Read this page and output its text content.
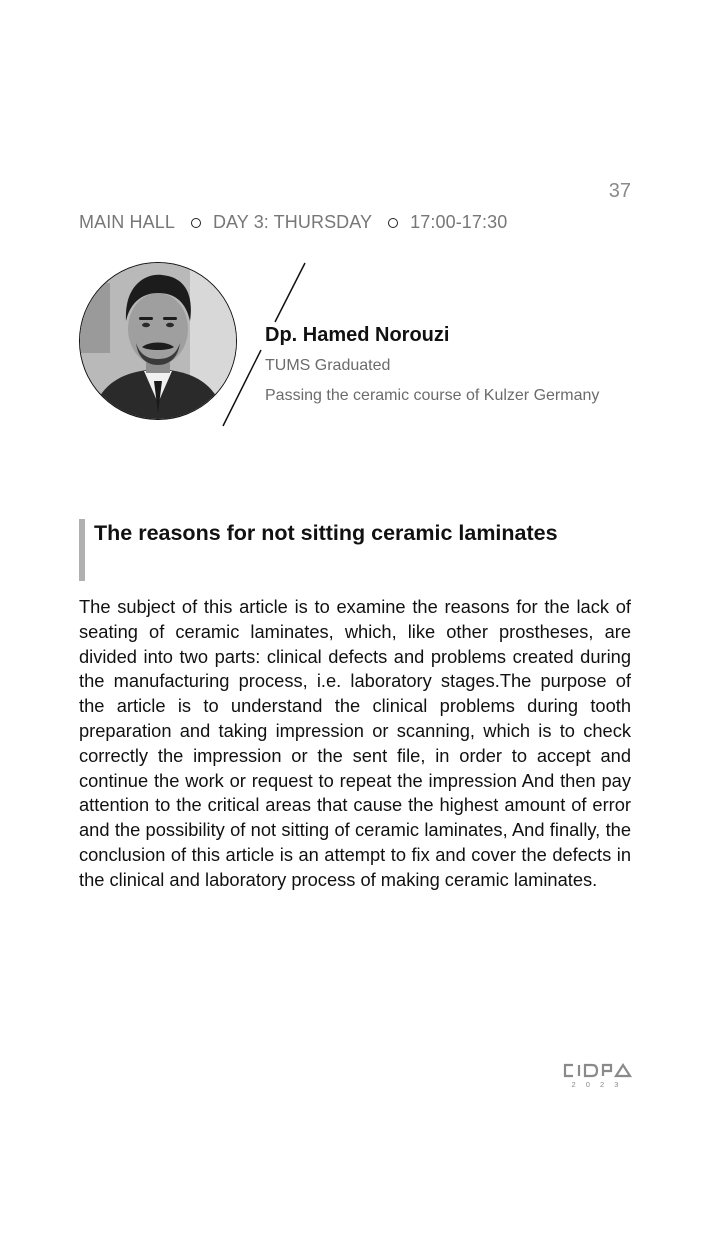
37
MAIN HALL DAY 3: THURSDAY 17:00-17:30
Dp. Hamed Norouzi
TUMS Graduated
Passing the ceramic course of Kulzer Germany
The reasons for not sitting ceramic laminates
The subject of this article is to examine the reasons for the lack of seating of ceramic laminates, which, like other prostheses, are divided into two parts: clinical defects and problems created during the manufacturing process, i.e. laboratory stages.The purpose of the article is to understand the clinical problems during tooth preparation and taking impression or scanning, which is to check correctly the impression or the sent file, in order to accept and continue the work or request to repeat the impression And then pay attention to the critical areas that cause the highest amount of error and the possibility of not sitting of ceramic laminates, And finally, the conclusion of this article is an attempt to fix and cover the defects in the clinical and laboratory process of making ceramic laminates.
2 0 2 3
